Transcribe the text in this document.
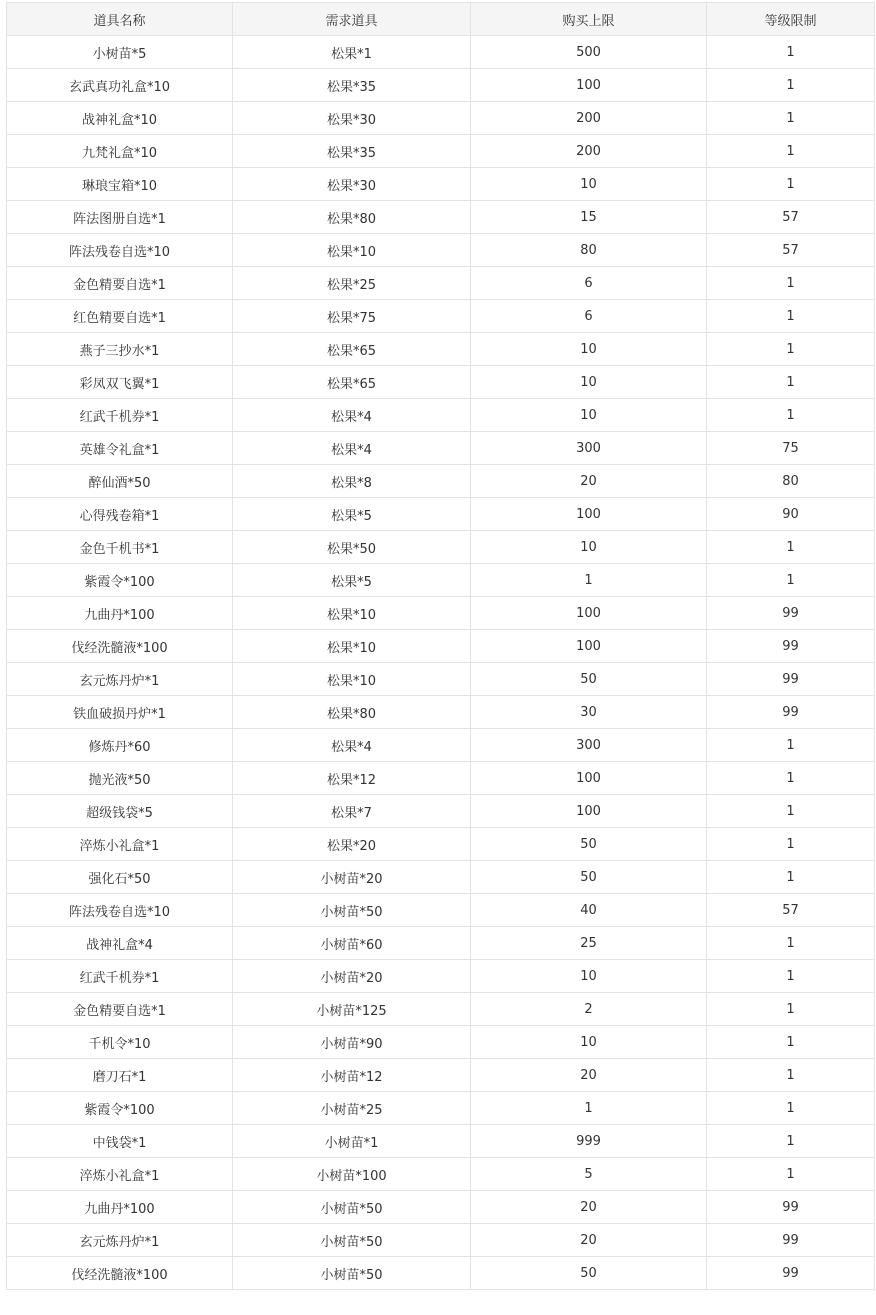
道具名称	需求道具	购买上限	等级限制
小树苗*5	松果*1	500	1
玄武真功礼盒*10	松果*35	100	1
战神礼盒*10	松果*30	200	1
九梵礼盒*10	松果*35	200	1
琳琅宝箱*10	松果*30	10	1
阵法图册自选*1	松果*80	15	57
阵法残卷自选*10	松果*10	80	57
金色精要自选*1	松果*25	6	1
红色精要自选*1	松果*75	6	1
燕子三抄水*1	松果*65	10	1
彩凤双飞翼*1	松果*65	10	1
红武千机券*1	松果*4	10	1
英雄令礼盒*1	松果*4	300	75
醉仙酒*50	松果*8	20	80
心得残卷箱*1	松果*5	100	90
金色千机书*1	松果*50	10	1
紫霞令*100	松果*5	1	1
九曲丹*100	松果*10	100	99
伐经洗髓液*100	松果*10	100	99
玄元炼丹炉*1	松果*10	50	99
铁血破损丹炉*1	松果*80	30	99
修炼丹*60	松果*4	300	1
抛光液*50	松果*12	100	1
超级钱袋*5	松果*7	100	1
淬炼小礼盒*1	松果*20	50	1
强化石*50	小树苗*20	50	1
阵法残卷自选*10	小树苗*50	40	57
战神礼盒*4	小树苗*60	25	1
红武千机券*1	小树苗*20	10	1
金色精要自选*1	小树苗*125	2	1
千机令*10	小树苗*90	10	1
磨刀石*1	小树苗*12	20	1
紫霞令*100	小树苗*25	1	1
中钱袋*1	小树苗*1	999	1
淬炼小礼盒*1	小树苗*100	5	1
九曲丹*100	小树苗*50	20	99
玄元炼丹炉*1	小树苗*50	20	99
伐经洗髓液*100	小树苗*50	50	99
